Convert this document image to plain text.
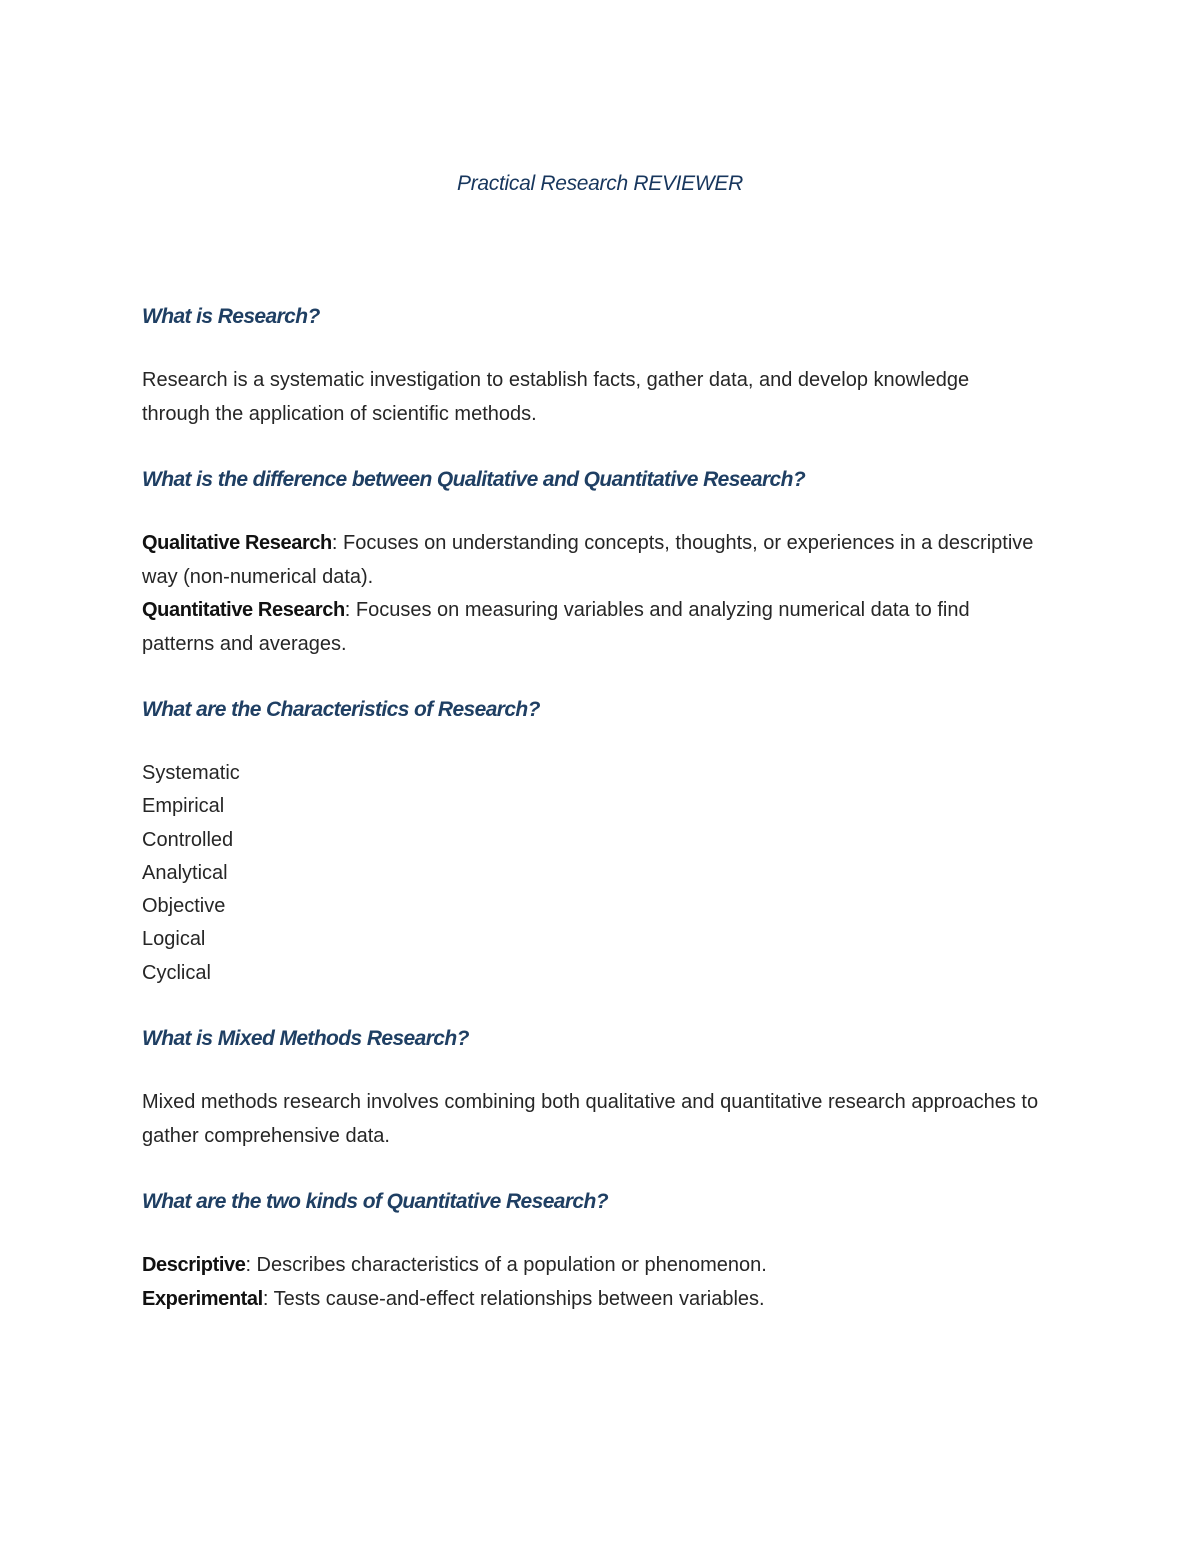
Practical Research REVIEWER

What is Research?

Research is a systematic investigation to establish facts, gather data, and develop knowledge through the application of scientific methods.

What is the difference between Qualitative and Quantitative Research?

Qualitative Research: Focuses on understanding concepts, thoughts, or experiences in a descriptive way (non-numerical data).

Quantitative Research: Focuses on measuring variables and analyzing numerical data to find patterns and averages.

What are the Characteristics of Research?

Systematic
Empirical
Controlled
Analytical
Objective
Logical
Cyclical

What is Mixed Methods Research?

Mixed methods research involves combining both qualitative and quantitative research approaches to gather comprehensive data.

What are the two kinds of Quantitative Research?

Descriptive: Describes characteristics of a population or phenomenon.

Experimental: Tests cause-and-effect relationships between variables.
